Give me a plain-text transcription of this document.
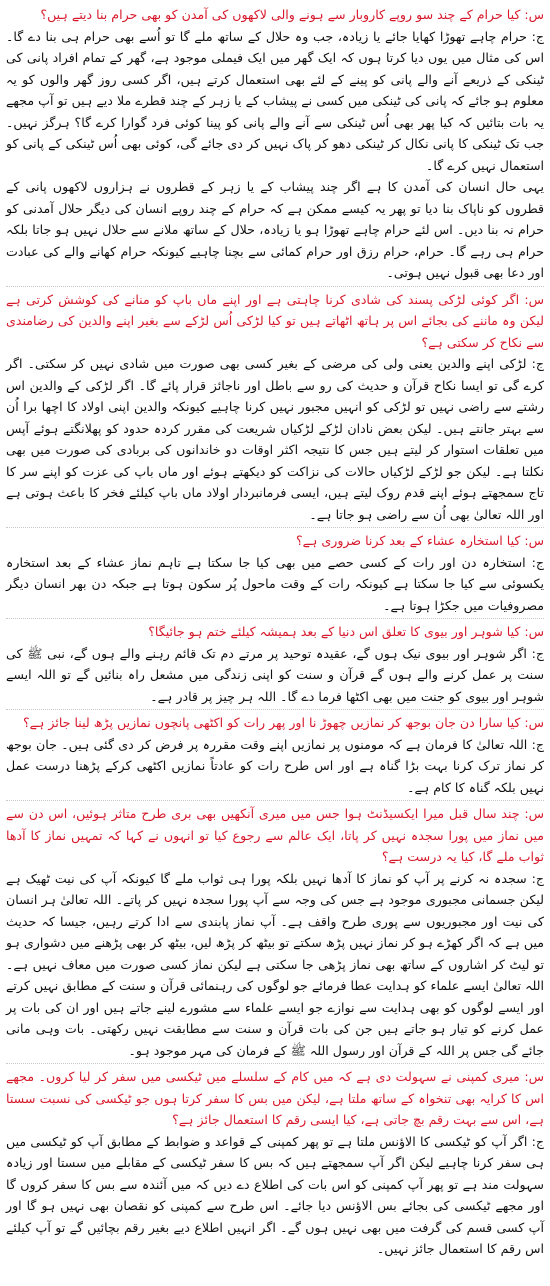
س: کیا حرام کے چند سو روپے کاروبار سے ہونے والی لاکھوں کی آمدن کو بھی حرام بنا دیتے ہیں؟

ج: حرام چاہے تھوڑا کھایا جائے یا زیادہ، جب وہ حلال کے ساتھ ملے گا تو اُسے بھی حرام ہی بنا دے گا۔ اس کی مثال میں یوں دیا کرتا ہوں کہ ایک گھر میں ایک فیملی موجود ہے، گھر کے تمام افراد پانی کی ٹینکی کے ذریعے آنے والے پانی کو پینے کے لئے بھی استعمال کرتے ہیں، اگر کسی روز گھر والوں کو یہ معلوم ہو جائے کہ پانی کی ٹینکی میں کسی نے پیشاب کے یا زہر کے چند قطرے ملا دیے ہیں تو آپ مجھے یہ بات بتائیں کہ کیا پھر بھی اُس ٹینکی سے آنے والے پانی کو پینا کوئی فرد گوارا کرے گا؟ ہرگز نہیں۔ جب تک ٹینکی کا پانی نکال کر ٹینکی دھو کر پاک نہیں کر دی جائے گی، کوئی بھی اُس ٹینکی کے پانی کو استعمال نہیں کرے گا۔

یہی حال انسان کی آمدن کا ہے اگر چند پیشاب کے یا زہر کے قطروں نے ہزاروں لاکھوں پانی کے قطروں کو ناپاک بنا دیا تو پھر یہ کیسے ممکن ہے کہ حرام کے چند روپے انسان کی دیگر حلال آمدنی کو حرام نہ بنا دیں۔ اس لئے حرام چاہے تھوڑا ہو یا زیادہ، حلال کے ساتھ ملانے سے حلال نہیں ہو جاتا بلکہ حرام ہی رہے گا۔ حرام، حرام رزق اور حرام کمائی سے بچنا چاہیے کیونکہ حرام کھانے والے کی عبادت اور دعا بھی قبول نہیں ہوتی۔

س: اگر کوئی لڑکی پسند کی شادی کرنا چاہتی ہے اور اپنے ماں باپ کو منانے کی کوشش کرتی ہے لیکن وہ ماننے کی بجائے اس پر ہاتھ اٹھاتے ہیں تو کیا لڑکی اُس لڑکے سے بغیر اپنے والدین کی رضامندی سے نکاح کر سکتی ہے؟

ج: لڑکی اپنے والدین یعنی ولی کی مرضی کے بغیر کسی بھی صورت میں شادی نہیں کر سکتی۔ اگر کرے گی تو ایسا نکاح قرآن و حدیث کی رو سے باطل اور ناجائز قرار پائے گا۔ اگر لڑکی کے والدین اس رشتے سے راضی نہیں تو لڑکی کو انہیں مجبور نہیں کرنا چاہیے کیونکہ والدین اپنی اولاد کا اچھا برا اُن سے بہتر جانتے ہیں۔ لیکن بعض نادان لڑکے لڑکیاں شریعت کی مقرر کردہ حدود کو پھلانگتے ہوئے آپس میں تعلقات استوار کر لیتے ہیں جس کا نتیجہ اکثر اوقات دو خاندانوں کی بربادی کی صورت میں بھی نکلتا ہے۔ لیکن جو لڑکے لڑکیاں حالات کی نزاکت کو دیکھتے ہوئے اور ماں باپ کی عزت کو اپنے سر کا تاج سمجھتے ہوئے اپنے قدم روک لیتے ہیں، ایسی فرمانبردار اولاد ماں باپ کیلئے فخر کا باعث ہوتی ہے اور اللہ تعالیٰ بھی اُن سے راضی ہو جاتا ہے۔

س: کیا استخارہ عشاء کے بعد کرنا ضروری ہے؟

ج: استخارہ دن اور رات کے کسی حصے میں بھی کیا جا سکتا ہے تاہم نماز عشاء کے بعد استخارہ یکسوئی سے کیا جا سکتا ہے کیونکہ رات کے وقت ماحول پُر سکون ہوتا ہے جبکہ دن بھر انسان دیگر مصروفیات میں جکڑا ہوتا ہے۔

س: کیا شوہر اور بیوی کا تعلق اس دنیا کے بعد ہمیشہ کیلئے ختم ہو جائیگا؟

ج: اگر شوہر اور بیوی نیک ہوں گے، عقیدہ توحید پر مرتے دم تک قائم رہنے والے ہوں گے، نبی ﷺ کی سنت پر عمل کرنے والے ہوں گے قرآن و سنت کو اپنی زندگی میں مشعل راہ بنائیں گے تو اللہ ایسے شوہر اور بیوی کو جنت میں بھی اکٹھا فرما دے گا۔ اللہ ہر چیز پر قادر ہے۔

س: کیا سارا دن جان بوجھ کر نمازیں چھوڑ نا اور پھر رات کو اکٹھی پانچوں نمازیں پڑھ لینا جائز ہے؟

ج: اللہ تعالیٰ کا فرمان ہے کہ مومنوں پر نمازیں اپنے وقت مقررہ پر فرض کر دی گئی ہیں۔ جان بوجھ کر نماز ترک کرنا بہت بڑا گناہ ہے اور اس طرح رات کو عادتاً نمازیں اکٹھی کرکے پڑھنا درست عمل نہیں بلکہ گناہ کا کام ہے۔

س: چند سال قبل میرا ایکسیڈنٹ ہوا جس میں میری آنکھیں بھی بری طرح متاثر ہوئیں، اس دن سے میں نماز میں پورا سجدہ نہیں کر پاتا، ایک عالم سے رجوع کیا تو انہوں نے کہا کہ تمہیں نماز کا آدھا ثواب ملے گا، کیا یہ درست ہے؟

ج: سجدہ نہ کرنے پر آپ کو نماز کا آدھا نہیں بلکہ پورا ہی ثواب ملے گا کیونکہ آپ کی نیت ٹھیک ہے لیکن جسمانی مجبوری موجود ہے جس کی وجہ سے آپ پورا سجدہ نہیں کر پاتے۔ اللہ تعالیٰ ہر انسان کی نیت اور مجبوریوں سے پوری طرح واقف ہے۔ آپ نماز پابندی سے ادا کرتے رہیں، جیسا کہ حدیث میں ہے کہ اگر کھڑے ہو کر نماز نہیں پڑھ سکتے تو بیٹھ کر پڑھ لیں، بیٹھ کر بھی پڑھنے میں دشواری ہو تو لیٹ کر اشاروں کے ساتھ بھی نماز پڑھی جا سکتی ہے لیکن نماز کسی صورت میں معاف نہیں ہے۔ اللہ تعالیٰ ایسے علماء کو ہدایت عطا فرمائے جو لوگوں کی رہنمائی قرآن و سنت کے مطابق نہیں کرتے اور ایسے لوگوں کو بھی ہدایت سے نوازے جو ایسے علماء سے مشورے لینے جاتے ہیں اور ان کی بات پر عمل کرنے کو تیار ہو جاتے ہیں جن کی بات قرآن و سنت سے مطابقت نہیں رکھتی۔ بات وہی مانی جائے گی جس پر اللہ کے قرآن اور رسول اللہ ﷺ کے فرمان کی مہر موجود ہو۔

س: میری کمپنی نے سہولت دی ہے کہ میں کام کے سلسلے میں ٹیکسی میں سفر کر لیا کروں۔ مجھے اس کا کرایہ بھی تنخواہ کے ساتھ ملتا ہے، لیکن میں بس کا سفر کرتا ہوں جو ٹیکسی کی نسبت سستا ہے، اس سے بہت رقم بچ جاتی ہے، کیا ایسی رقم کا استعمال جائز ہے؟

ج: اگر آپ کو ٹیکسی کا الاؤنس ملتا ہے تو پھر کمپنی کے قواعد و ضوابط کے مطابق آپ کو ٹیکسی میں ہی سفر کرنا چاہیے لیکن اگر آپ سمجھتے ہیں کہ بس کا سفر ٹیکسی کے مقابلے میں سستا اور زیادہ سہولت مند ہے تو پھر آپ کمپنی کو اس بات کی اطلاع دے دیں کہ میں آئندہ سے بس کا سفر کروں گا اور مجھے ٹیکسی کی بجائے بس الاؤنس دیا جائے۔ اس طرح سے کمپنی کو نقصان بھی نہیں ہو گا اور آپ کسی قسم کی گرفت میں بھی نہیں ہوں گے۔ اگر انہیں اطلاع دیے بغیر رقم بچائیں گے تو آپ کیلئے اس رقم کا استعمال جائز نہیں۔
